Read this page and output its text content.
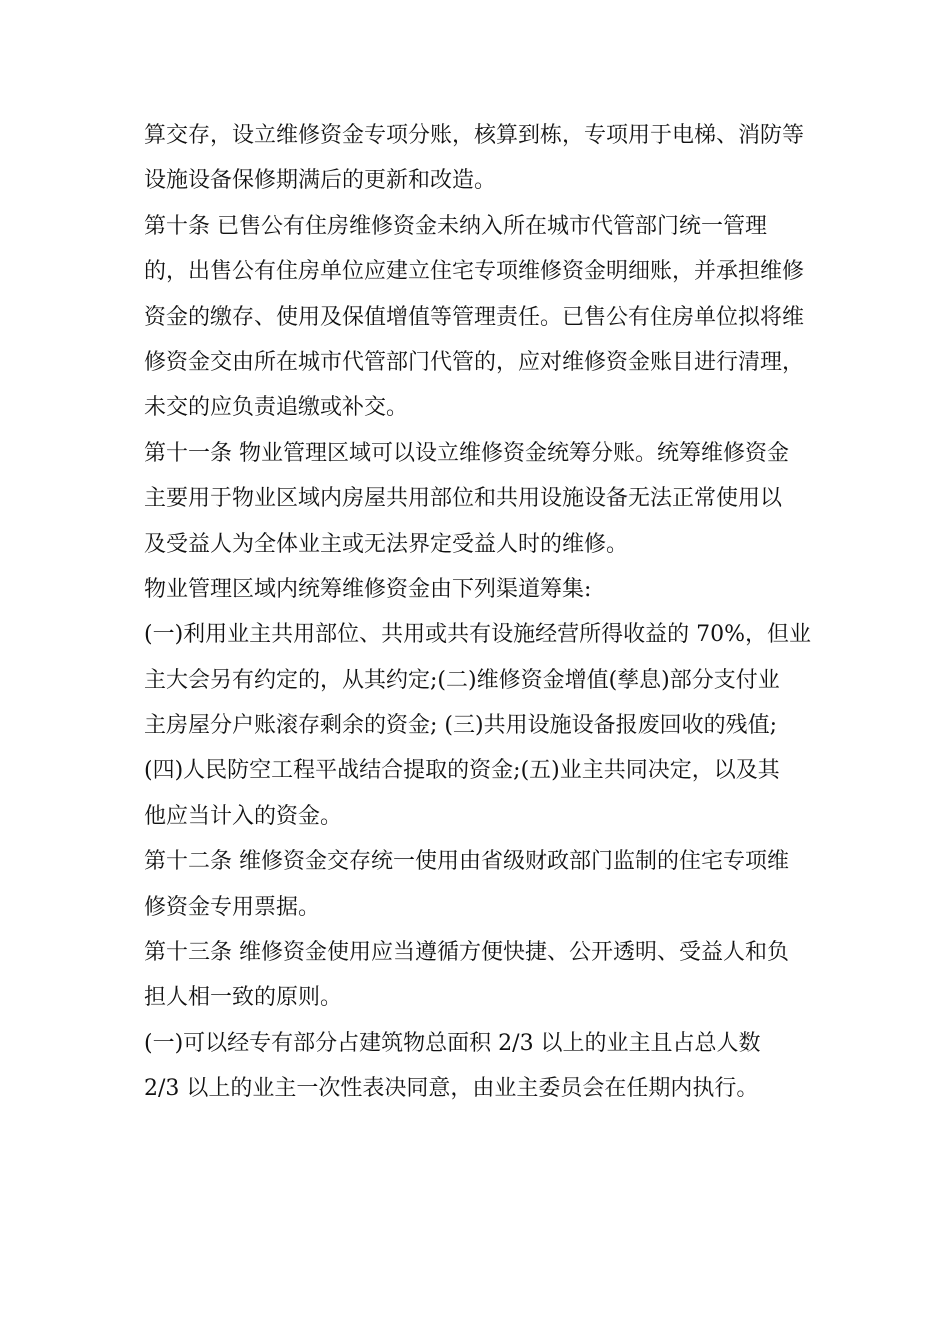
算交存，设立维修资金专项分账，核算到栋，专项用于电梯、消防等
设施设备保修期满后的更新和改造。
第十条 已售公有住房维修资金未纳入所在城市代管部门统一管理
的，出售公有住房单位应建立住宅专项维修资金明细账，并承担维修
资金的缴存、使用及保值增值等管理责任。已售公有住房单位拟将维
修资金交由所在城市代管部门代管的，应对维修资金账目进行清理，
未交的应负责追缴或补交。
第十一条 物业管理区域可以设立维修资金统筹分账。统筹维修资金
主要用于物业区域内房屋共用部位和共用设施设备无法正常使用以
及受益人为全体业主或无法界定受益人时的维修。
物业管理区域内统筹维修资金由下列渠道筹集:
(一)利用业主共用部位、共用或共有设施经营所得收益的 70%，但业
主大会另有约定的，从其约定;(二)维修资金增值(孳息)部分支付业
主房屋分户账滚存剩余的资金; (三)共用设施设备报废回收的残值;
(四)人民防空工程平战结合提取的资金;(五)业主共同决定，以及其
他应当计入的资金。
第十二条 维修资金交存统一使用由省级财政部门监制的住宅专项维
修资金专用票据。
第十三条 维修资金使用应当遵循方便快捷、公开透明、受益人和负
担人相一致的原则。
(一)可以经专有部分占建筑物总面积 2/3 以上的业主且占总人数
2/3 以上的业主一次性表决同意，由业主委员会在任期内执行。
